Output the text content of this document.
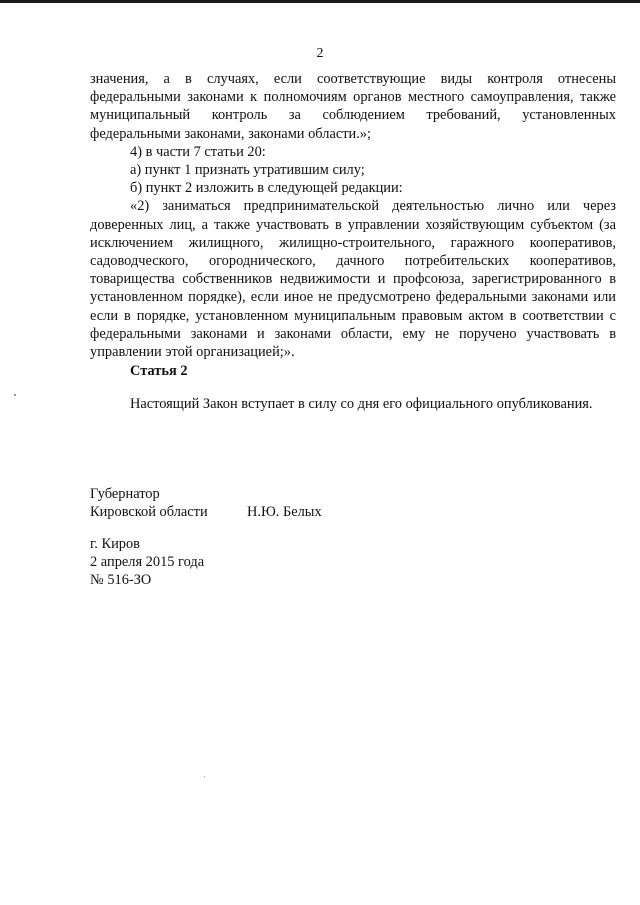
2

значения, а в случаях, если соответствующие виды контроля отнесены федеральными законами к полномочиям органов местного самоуправления, также муниципальный контроль за соблюдением требований, установленных федеральными законами, законами области.»;

4) в части 7 статьи 20:

а) пункт 1 признать утратившим силу;

б) пункт 2 изложить в следующей редакции:

«2) заниматься предпринимательской деятельностью лично или через доверенных лиц, а также участвовать в управлении хозяйствующим субъектом (за исключением жилищного, жилищно-строительного, гаражного кооперативов, садоводческого, огороднического, дачного потребительских кооперативов, товарищества собственников недвижимости и профсоюза, зарегистрированного в установленном порядке), если иное не предусмотрено федеральными законами или если в порядке, установленном муниципальным правовым актом в соответствии с федеральными законами и законами области, ему не поручено участвовать в управлении этой организацией;».

Статья 2

Настоящий Закон вступает в силу со дня его официального опубликования.

Губернатор
Кировской области	Н.Ю. Белых
г. Киров
2 апреля 2015 года
№ 516-ЗО
